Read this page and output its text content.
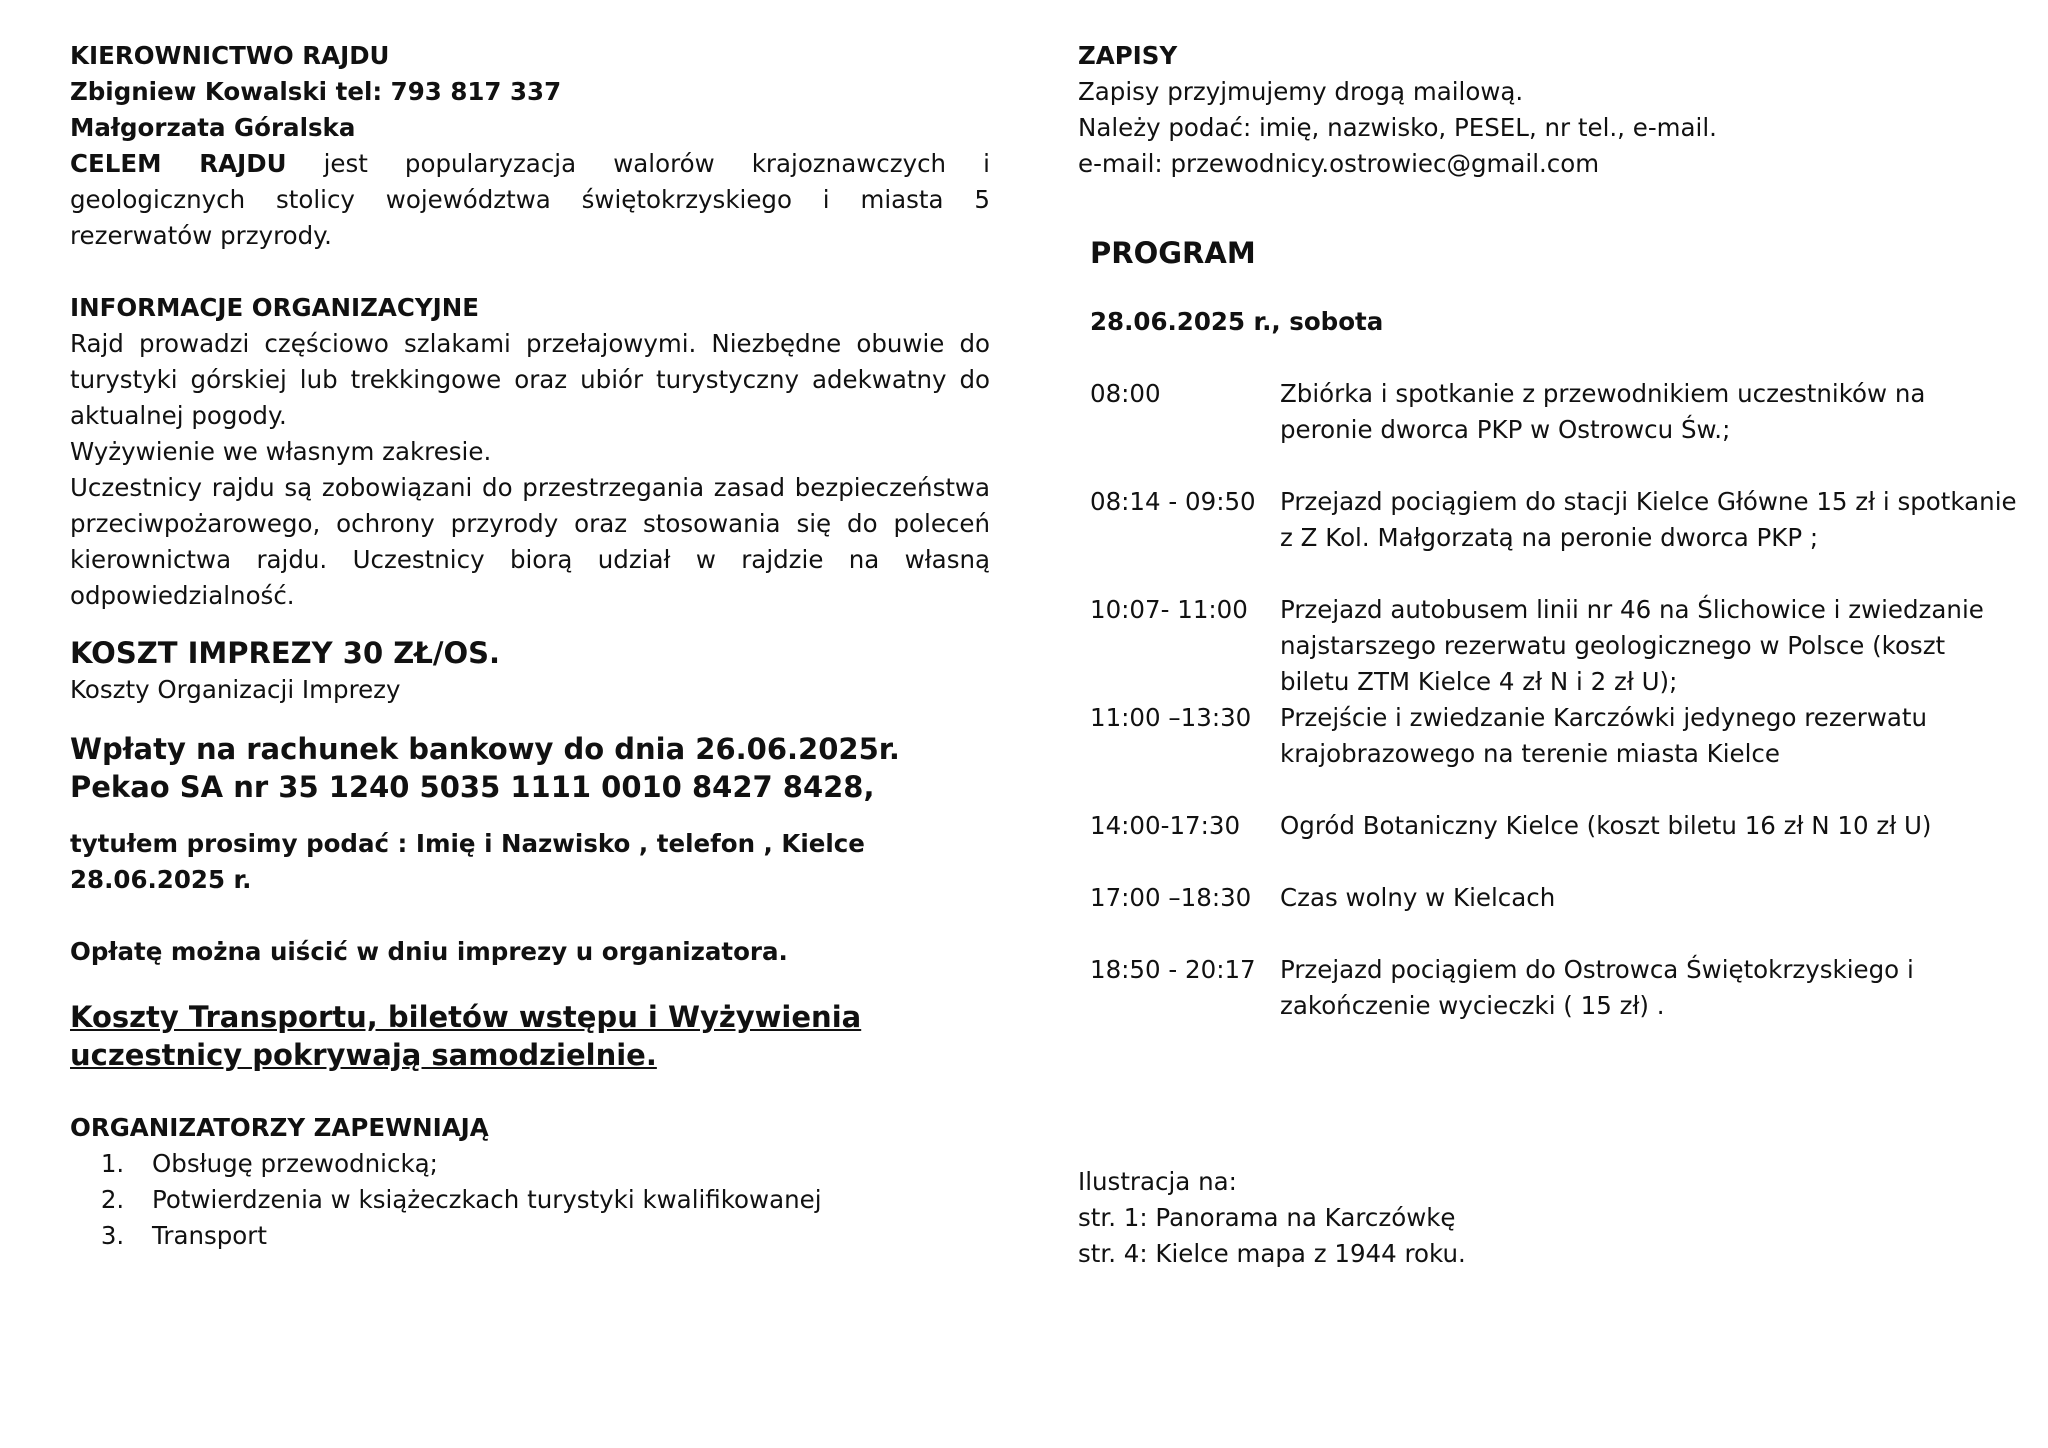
KIEROWNICTWO RAJDU

Zbigniew Kowalski tel: 793 817 337

Małgorzata Góralska

CELEM RAJDU jest popularyzacja walorów krajoznawczych i geologicznych stolicy województwa świętokrzyskiego i miasta 5 rezerwatów przyrody.

INFORMACJE ORGANIZACYJNE

Rajd prowadzi częściowo szlakami przełajowymi. Niezbędne obuwie do turystyki górskiej lub trekkingowe oraz ubiór turystyczny adekwatny do aktualnej pogody.

Wyżywienie we własnym zakresie.

Uczestnicy rajdu są zobowiązani do przestrzegania zasad bezpieczeństwa przeciwpożarowego, ochrony przyrody oraz stosowania się do poleceń kierownictwa rajdu. Uczestnicy biorą udział w rajdzie na własną odpowiedzialność.

KOSZT IMPREZY 30 ZŁ/OS.

Koszty Organizacji Imprezy

Wpłaty na rachunek bankowy do dnia 26.06.2025r.

Pekao SA nr 35 1240 5035 1111 0010 8427 8428,

tytułem prosimy podać : Imię i Nazwisko , telefon , Kielce 28.06.2025 r.

Opłatę można uiścić w dniu imprezy u organizatora.

Koszty Transportu, biletów wstępu i Wyżywienia uczestnicy pokrywają samodzielnie.

ORGANIZATORZY ZAPEWNIAJĄ

1. Obsługę przewodnicką;
2. Potwierdzenia w książeczkach turystyki kwalifikowanej
3. Transport

ZAPISY

Zapisy przyjmujemy drogą mailową.

Należy podać: imię, nazwisko, PESEL, nr tel., e-mail.

e-mail: przewodnicy.ostrowiec@gmail.com

PROGRAM

28.06.2025 r., sobota

08:00	Zbiórka i spotkanie z przewodnikiem uczestników na peronie dworca PKP w Ostrowcu Św.;
08:14 - 09:50 Przejazd pociągiem do stacji Kielce Główne 15 zł i spotkanie z Z Kol. Małgorzatą na peronie dworca PKP ;
10:07- 11:00	Przejazd autobusem linii nr 46 na Ślichowice i zwiedzanie najstarszego rezerwatu geologicznego w Polsce (koszt biletu ZTM Kielce 4 zł N i 2 zł U);
11:00 –13:30	Przejście i zwiedzanie Karczówki jedynego rezerwatu krajobrazowego na terenie miasta Kielce
14:00-17:30	Ogród Botaniczny Kielce (koszt biletu 16 zł N 10 zł U)
17:00 –18:30	Czas wolny w Kielcach
18:50 - 20:17 Przejazd pociągiem do Ostrowca Świętokrzyskiego i zakończenie wycieczki ( 15 zł) .

Ilustracja na:

str. 1: Panorama na Karczówkę

str. 4: Kielce mapa z 1944 roku.
